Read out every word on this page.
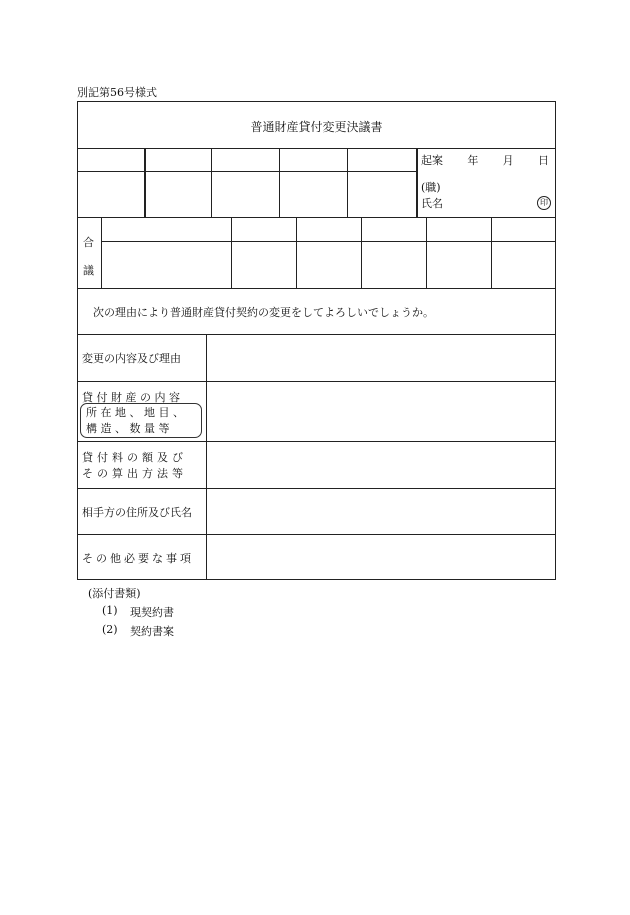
別記第56号様式
普通財産貸付変更決議書
起案 年 月 日
(職)
氏名	印
合
議
次の理由により普通財産貸付契約の変更をしてよろしいでしょうか。
変更の内容及び理由
貸付財産の内容
所在地、地目、
構造、数量等
貸付料の額及び
その算出方法等
相手方の住所及び氏名
その他必要な事項
(添付書類)
(1) 現契約書
(2) 契約書案
